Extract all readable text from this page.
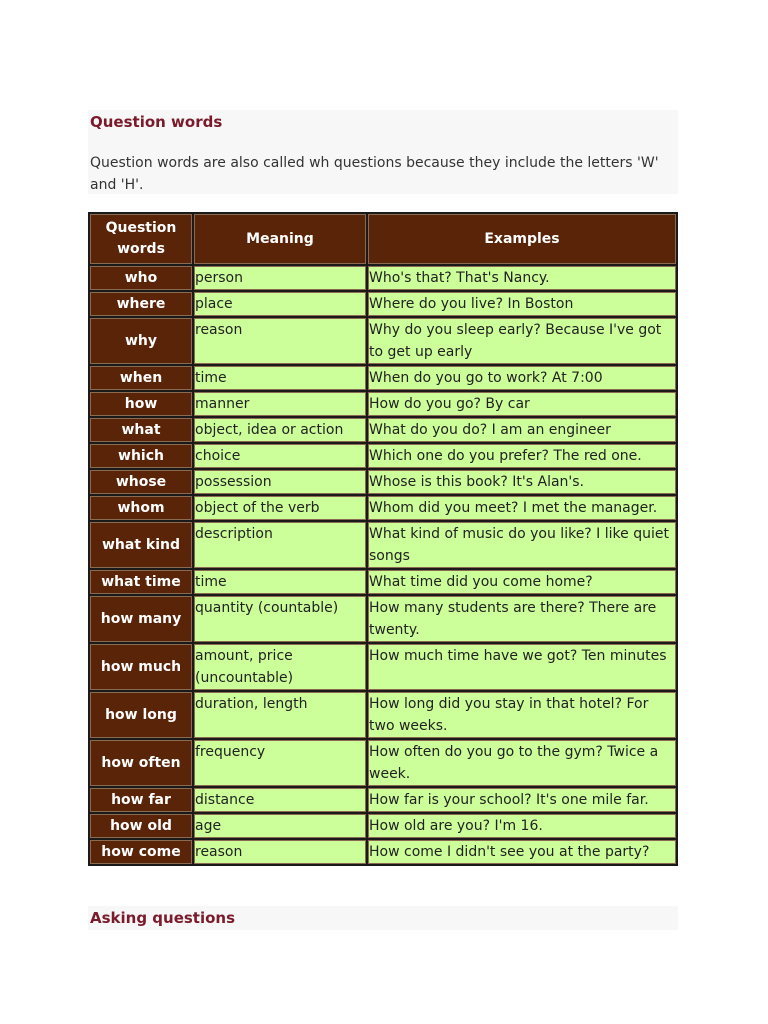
Question words

Question words are also called wh questions because they include the letters 'W' and 'H'.

Question words	Meaning	Examples
who	person	Who's that? That's Nancy.
where	place	Where do you live? In Boston
why	reason	Why do you sleep early? Because I've got to get up early
when	time	When do you go to work? At 7:00
how	manner	How do you go? By car
what	object, idea or action	What do you do? I am an engineer
which	choice	Which one do you prefer? The red one.
whose	possession	Whose is this book? It's Alan's.
whom	object of the verb	Whom did you meet? I met the manager.
what kind	description	What kind of music do you like? I like quiet songs
what time	time	What time did you come home?
how many	quantity (countable)	How many students are there? There are twenty.
how much	amount, price (uncountable)	How much time have we got? Ten minutes
how long	duration, length	How long did you stay in that hotel? For two weeks.
how often	frequency	How often do you go to the gym? Twice a week.
how far	distance	How far is your school? It's one mile far.
how old	age	How old are you? I'm 16.
how come	reason	How come I didn't see you at the party?
Asking questions
